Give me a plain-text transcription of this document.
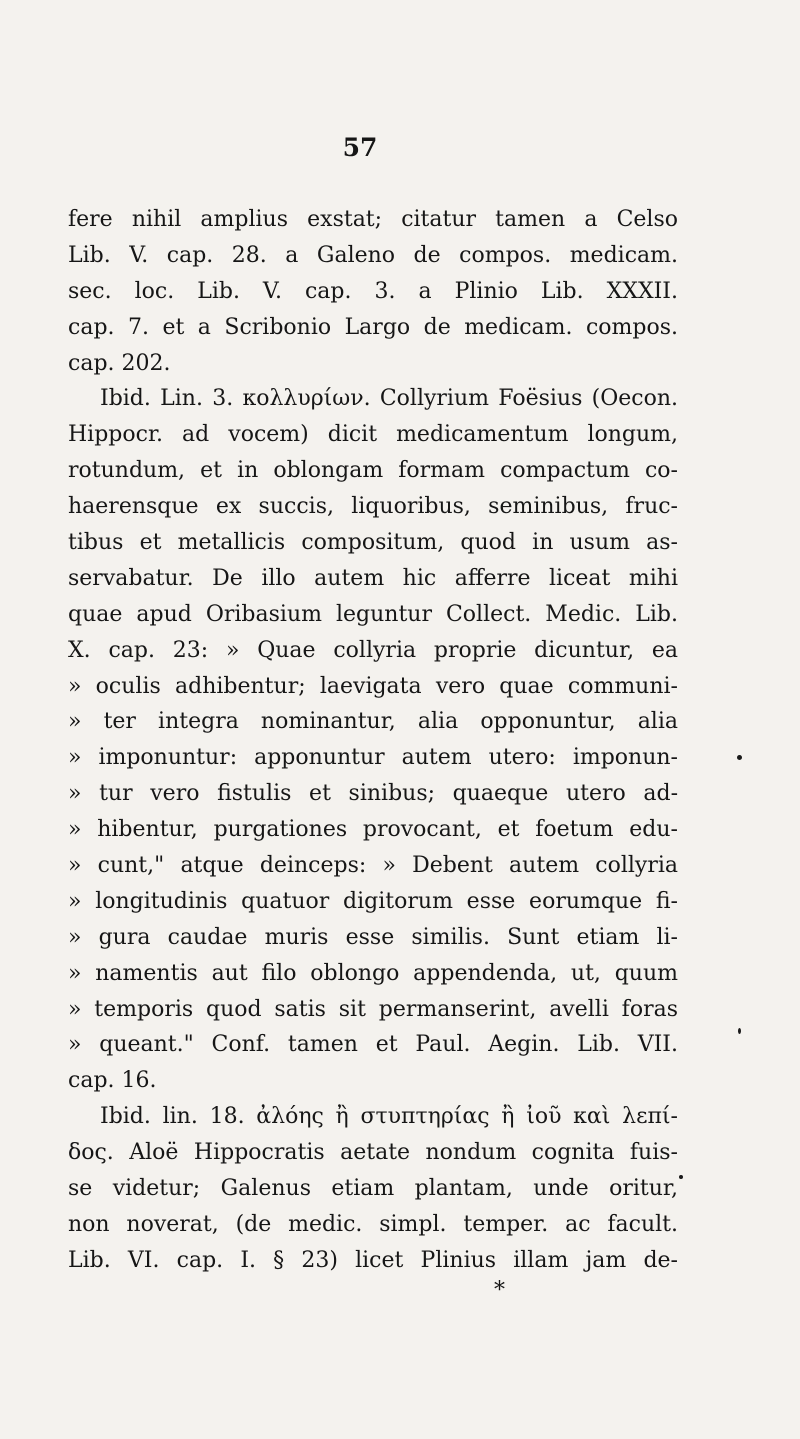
57
fere nihil amplius exstat; citatur tamen a Celso
Lib. V. cap. 28. a Galeno de compos. medicam.
sec. loc. Lib. V. cap. 3. a Plinio Lib. XXXII.
cap. 7. et a Scribonio Largo de medicam. compos.
cap. 202.
Ibid. Lin. 3. κολλυρίων. Collyrium Foësius (Oecon.
Hippocr. ad vocem) dicit medicamentum longum,
rotundum, et in oblongam formam compactum co-
haerensque ex succis, liquoribus, seminibus, fruc-
tibus et metallicis compositum, quod in usum as-
servabatur. De illo autem hic afferre liceat mihi
quae apud Oribasium leguntur Collect. Medic. Lib.
X. cap. 23: » Quae collyria proprie dicuntur, ea
» oculis adhibentur; laevigata vero quae communi-
» ter integra nominantur, alia opponuntur, alia
» imponuntur: apponuntur autem utero: imponun-
» tur vero fistulis et sinibus; quaeque utero ad-
» hibentur, purgationes provocant, et foetum edu-
» cunt," atque deinceps: » Debent autem collyria
» longitudinis quatuor digitorum esse eorumque fi-
» gura caudae muris esse similis. Sunt etiam li-
» namentis aut filo oblongo appendenda, ut, quum
» temporis quod satis sit permanserint, avelli foras
» queant." Conf. tamen et Paul. Aegin. Lib. VII.
cap. 16.
Ibid. lin. 18. ἀλόης ἢ στυπτηρίας ἢ ἰοῦ καὶ λεπί-
δος. Aloë Hippocratis aetate nondum cognita fuis-
se videtur; Galenus etiam plantam, unde oritur,
non noverat, (de medic. simpl. temper. ac facult.
Lib. VI. cap. I. § 23) licet Plinius illam jam de-
*
